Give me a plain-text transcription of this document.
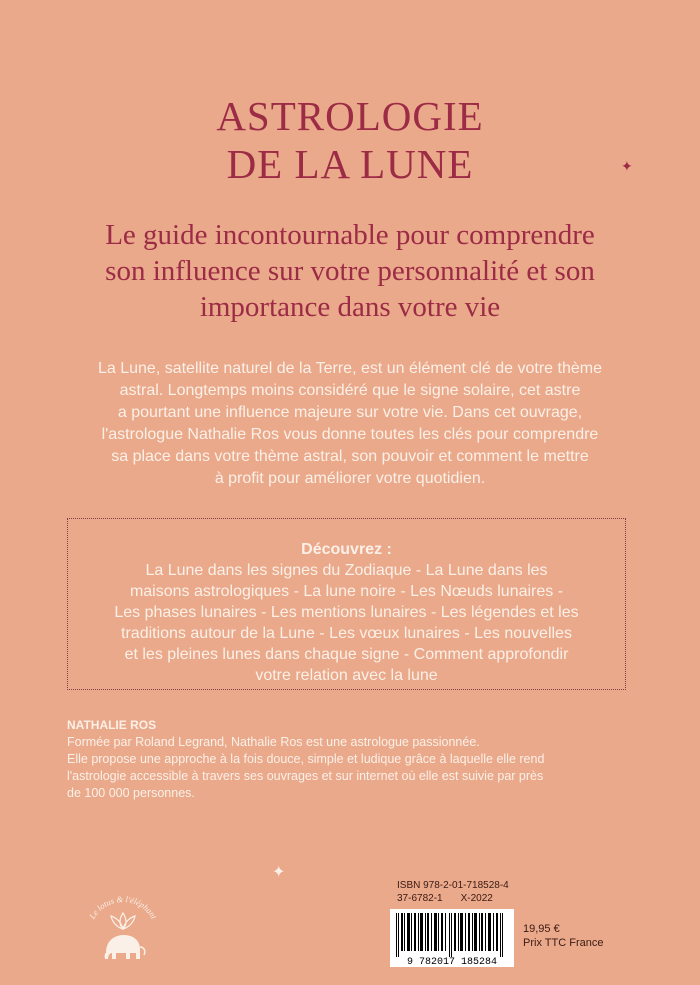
ASTROLOGIE
DE LA LUNE	✦
Le guide incontournable pour comprendre
son influence sur votre personnalité et son
importance dans votre vie
La Lune, satellite naturel de la Terre, est un élément clé de votre thème
astral. Longtemps moins considéré que le signe solaire, cet astre
a pourtant une influence majeure sur votre vie. Dans cet ouvrage,
l'astrologue Nathalie Ros vous donne toutes les clés pour comprendre
sa place dans votre thème astral, son pouvoir et comment le mettre
à profit pour améliorer votre quotidien.
Découvrez :
La Lune dans les signes du Zodiaque - La Lune dans les
maisons astrologiques - La lune noire - Les Nœuds lunaires -
Les phases lunaires - Les mentions lunaires - Les légendes et les
traditions autour de la Lune - Les vœux lunaires - Les nouvelles
et les pleines lunes dans chaque signe - Comment approfondir
votre relation avec la lune
NATHALIE ROS
Formée par Roland Legrand, Nathalie Ros est une astrologue passionnée.
Elle propose une approche à la fois douce, simple et ludique grâce à laquelle elle rend
l'astrologie accessible à travers ses ouvrages et sur internet où elle est suivie par près
de 100 000 personnes.
✦
Le lotus & l'éléphant
ISBN 978-2-01-718528-4
37-6782-1 X-2022
9 782017 185284
19,95 €
Prix TTC France
